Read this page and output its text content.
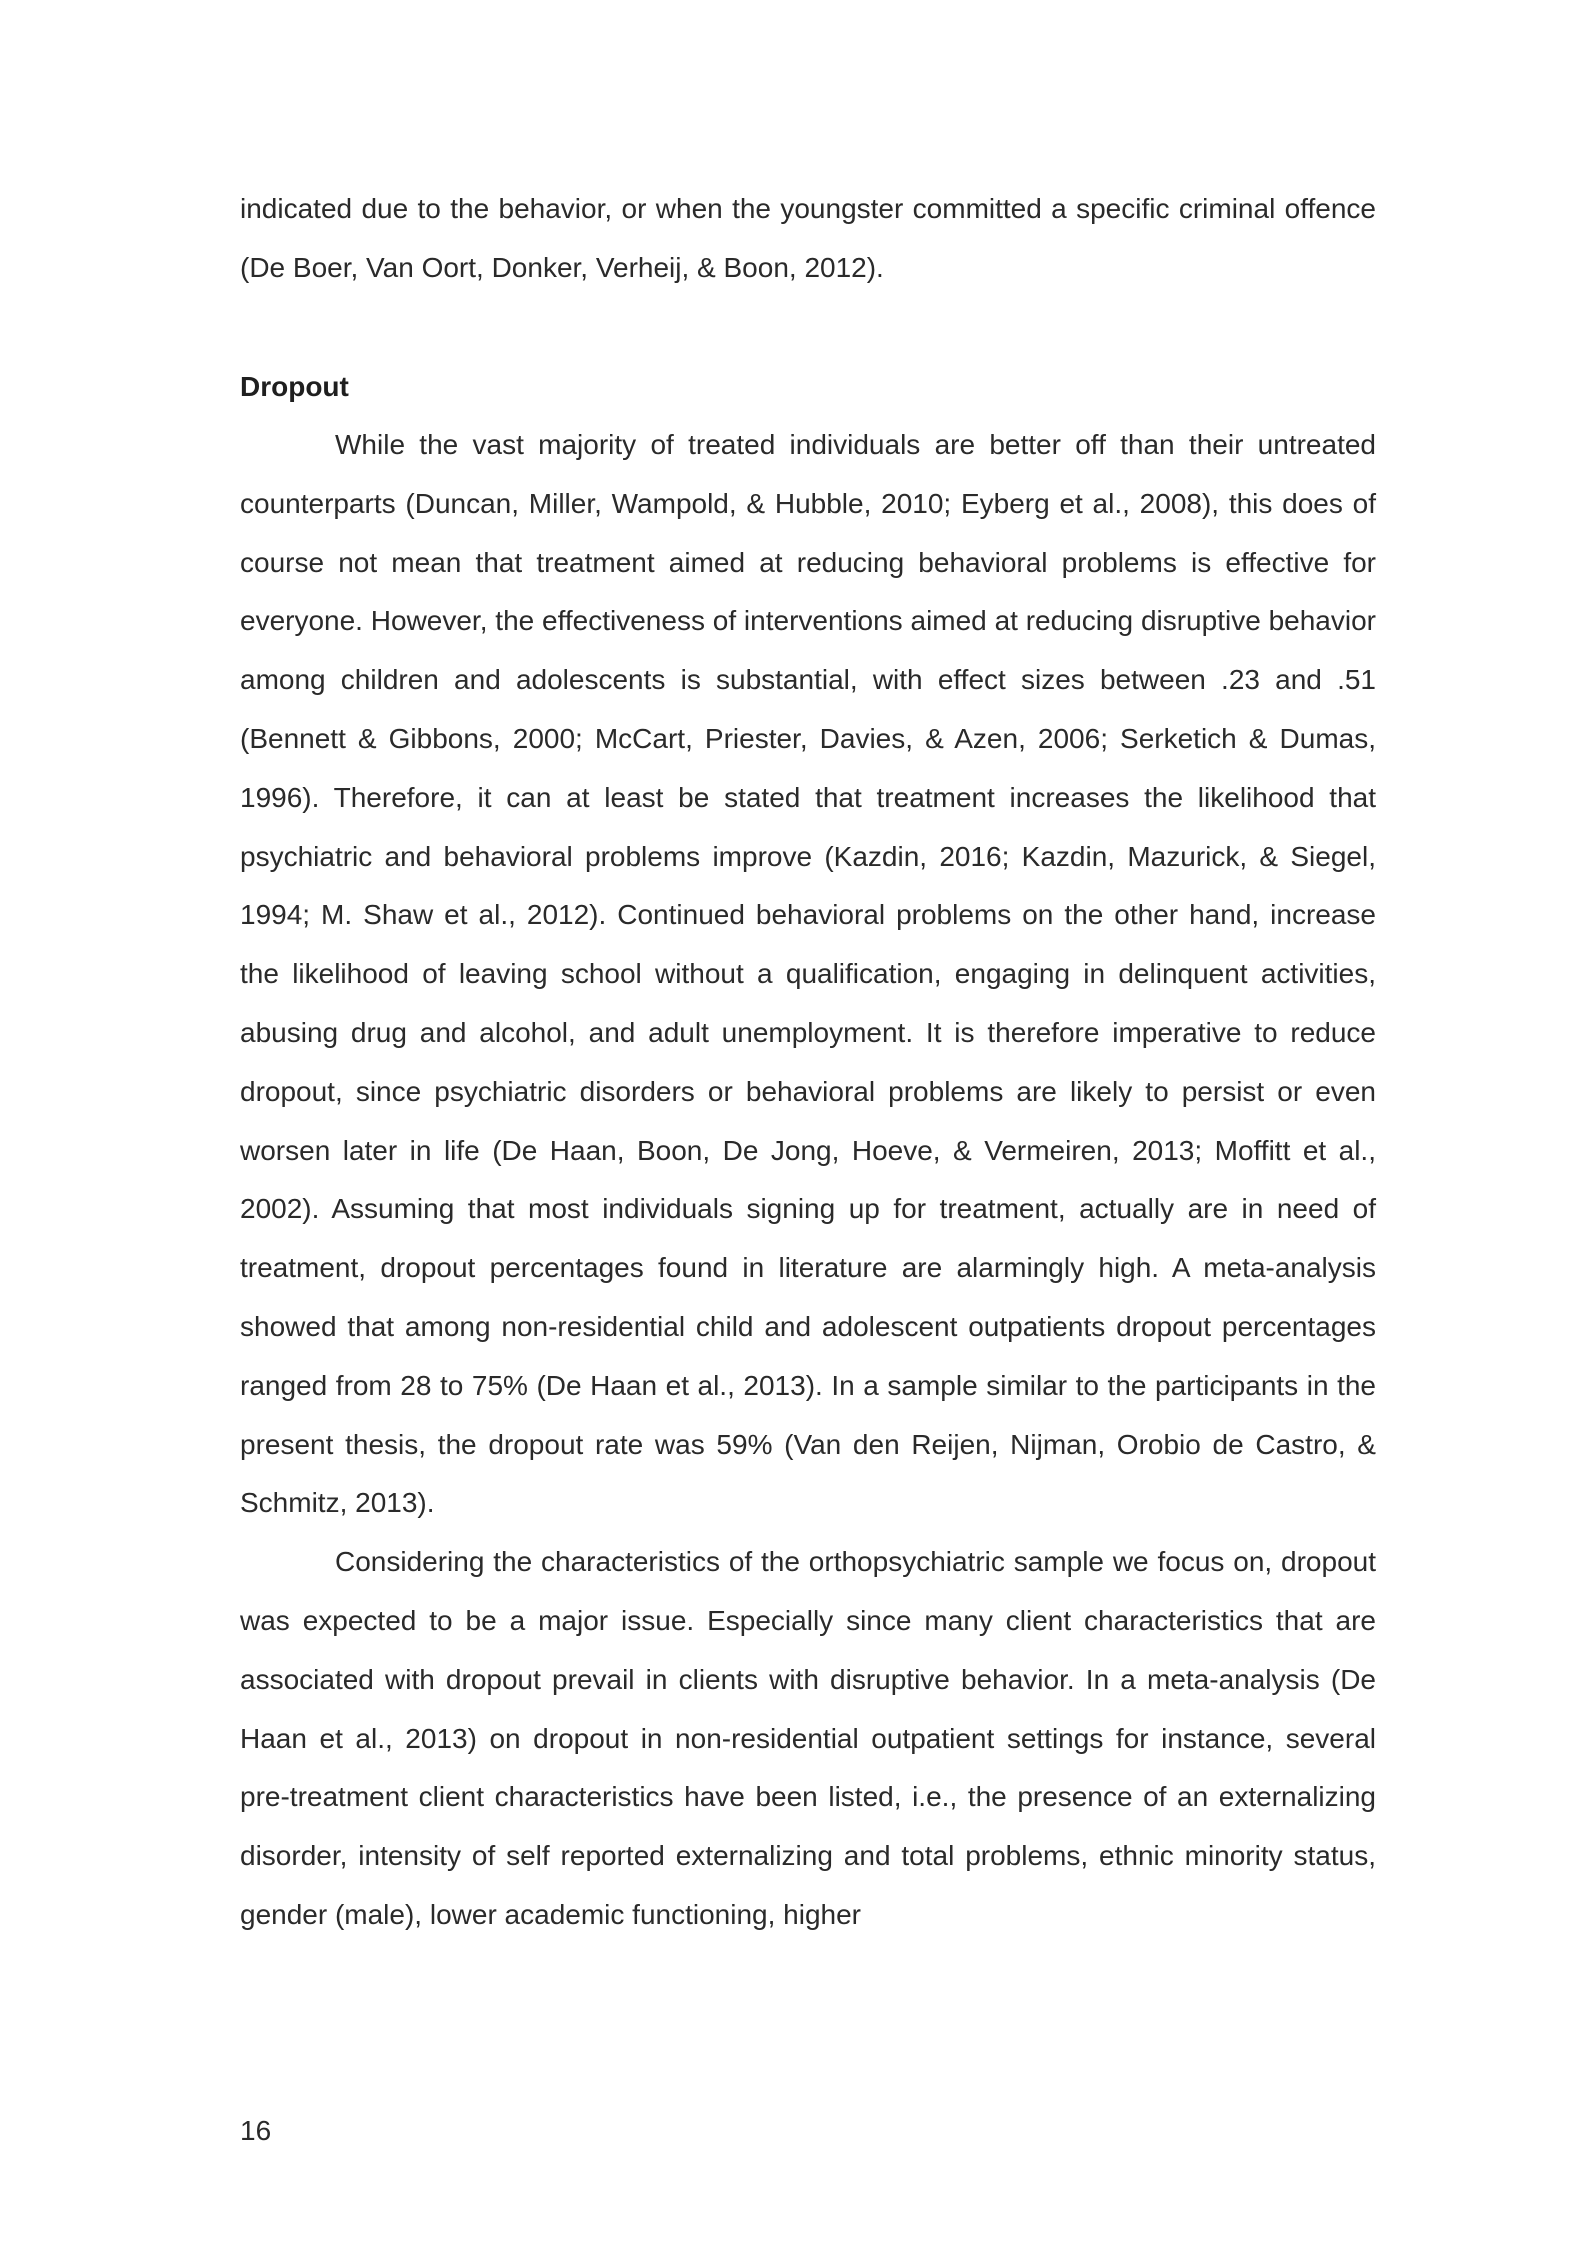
indicated due to the behavior, or when the youngster committed a specific criminal offence (De Boer, Van Oort, Donker, Verheij, & Boon, 2012).

Dropout

While the vast majority of treated individuals are better off than their untreated counterparts (Duncan, Miller, Wampold, & Hubble, 2010; Eyberg et al., 2008), this does of course not mean that treatment aimed at reducing behavioral problems is effective for everyone. However, the effectiveness of interventions aimed at reducing disruptive behavior among children and adolescents is substantial, with effect sizes between .23 and .51 (Bennett & Gibbons, 2000; McCart, Priester, Davies, & Azen, 2006; Serketich & Dumas, 1996). Therefore, it can at least be stated that treatment increases the likelihood that psychiatric and behavioral problems improve (Kazdin, 2016; Kazdin, Mazurick, & Siegel, 1994; M. Shaw et al., 2012). Continued behavioral problems on the other hand, increase the likelihood of leaving school without a qualification, engaging in delinquent activities, abusing drug and alcohol, and adult unemployment. It is therefore imperative to reduce dropout, since psychiatric disorders or behavioral problems are likely to persist or even worsen later in life (De Haan, Boon, De Jong, Hoeve, & Vermeiren, 2013; Moffitt et al., 2002). Assuming that most individuals signing up for treatment, actually are in need of treatment, dropout percentages found in literature are alarmingly high. A meta-analysis showed that among non-residential child and adolescent outpatients dropout percentages ranged from 28 to 75% (De Haan et al., 2013). In a sample similar to the participants in the present thesis, the dropout rate was 59% (Van den Reijen, Nijman, Orobio de Castro, & Schmitz, 2013).

Considering the characteristics of the orthopsychiatric sample we focus on, dropout was expected to be a major issue. Especially since many client characteristics that are associated with dropout prevail in clients with disruptive behavior. In a meta-analysis (De Haan et al., 2013) on dropout in non-residential outpatient settings for instance, several pre-treatment client characteristics have been listed, i.e., the presence of an externalizing disorder, intensity of self reported externalizing and total problems, ethnic minority status, gender (male), lower academic functioning, higher

16
